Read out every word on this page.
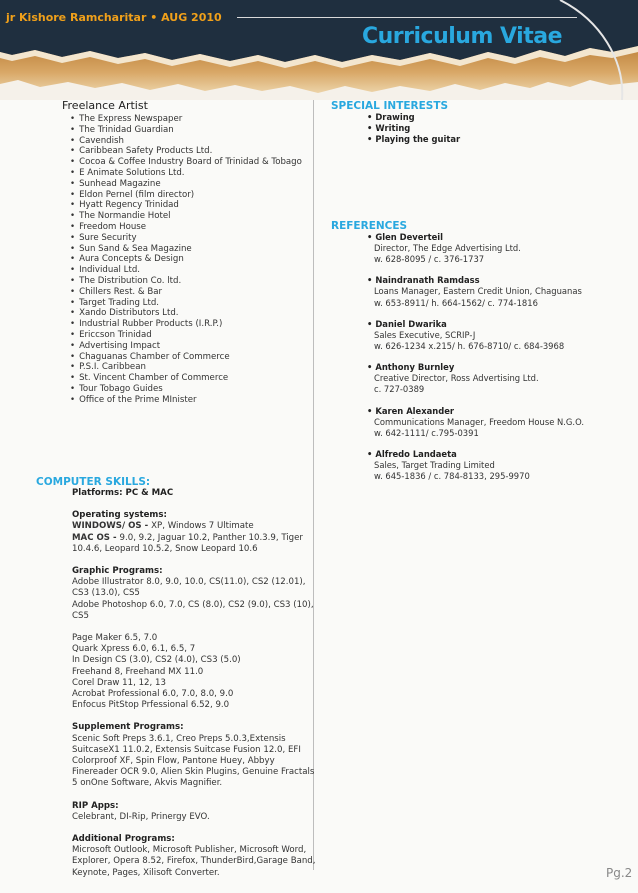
jr Kishore Ramcharitar • AUG 2010
Curriculum Vitae
Freelance Artist
• The Express Newspaper
• The Trinidad Guardian
• Cavendish
• Caribbean Safety Products Ltd.
• Cocoa & Coffee Industry Board of Trinidad & Tobago
• E Animate Solutions Ltd.
• Sunhead Magazine
• Eldon Pernel (film director)
• Hyatt Regency Trinidad
• The Normandie Hotel
• Freedom House
• Sure Security
• Sun Sand & Sea Magazine
• Aura Concepts & Design
• Individual Ltd.
• The Distribution Co. ltd.
• Chillers Rest. & Bar
• Target Trading Ltd.
• Xando Distributors Ltd.
• Industrial Rubber Products (I.R.P.)
• Ericcson Trinidad
• Advertising Impact
• Chaguanas Chamber of Commerce
• P.S.I. Caribbean
• St. Vincent Chamber of Commerce
• Tour Tobago Guides
• Office of the Prime MInister
SPECIAL INTERESTS
• Drawing
• Writing
• Playing the guitar
REFERENCES
• Glen Deverteil
Director, The Edge Advertising Ltd.
w. 628-8095 / c. 376-1737
• Naindranath Ramdass
Loans Manager, Eastern Credit Union, Chaguanas
w. 653-8911/ h. 664-1562/ c. 774-1816
• Daniel Dwarika
Sales Executive, SCRIP-J
w. 626-1234 x.215/ h. 676-8710/ c. 684-3968
• Anthony Burnley
Creative Director, Ross Advertising Ltd.
c. 727-0389
• Karen Alexander
Communications Manager, Freedom House N.G.O.
w. 642-1111/ c.795-0391
• Alfredo Landaeta
Sales, Target Trading Limited
w. 645-1836 / c. 784-8133, 295-9970
COMPUTER SKILLS:
Platforms: PC & MAC
Operating systems:
WINDOWS/ OS - XP, Windows 7 Ultimate
MAC OS - 9.0, 9.2, Jaguar 10.2, Panther 10.3.9, Tiger 10.4.6, Leopard 10.5.2, Snow Leopard 10.6
Graphic Programs:
Adobe Illustrator 8.0, 9.0, 10.0, CS(11.0), CS2 (12.01), CS3 (13.0), CS5
Adobe Photoshop 6.0, 7.0, CS (8.0), CS2 (9.0), CS3 (10), CS5
Page Maker 6.5, 7.0
Quark Xpress 6.0, 6.1, 6.5, 7
In Design CS (3.0), CS2 (4.0), CS3 (5.0)
Freehand 8, Freehand MX 11.0
Corel Draw 11, 12, 13
Acrobat Professional 6.0, 7.0, 8.0, 9.0
Enfocus PitStop Prfessional 6.52, 9.0
Supplement Programs:
Scenic Soft Preps 3.6.1, Creo Preps 5.0.3,Extensis SuitcaseX1 11.0.2, Extensis Suitcase Fusion 12.0, EFI Colorproof XF, Spin Flow, Pantone Huey, Abbyy Finereader OCR 9.0, Alien Skin Plugins, Genuine Fractals 5 onOne Software, Akvis Magnifier.
RIP Apps:
Celebrant, DI-Rip, Prinergy EVO.
Additional Programs:
Microsoft Outlook, Microsoft Publisher, Microsoft Word, Explorer, Opera 8.52, Firefox, ThunderBird,Garage Band, Keynote, Pages, Xilisoft Converter.	Pg.2
